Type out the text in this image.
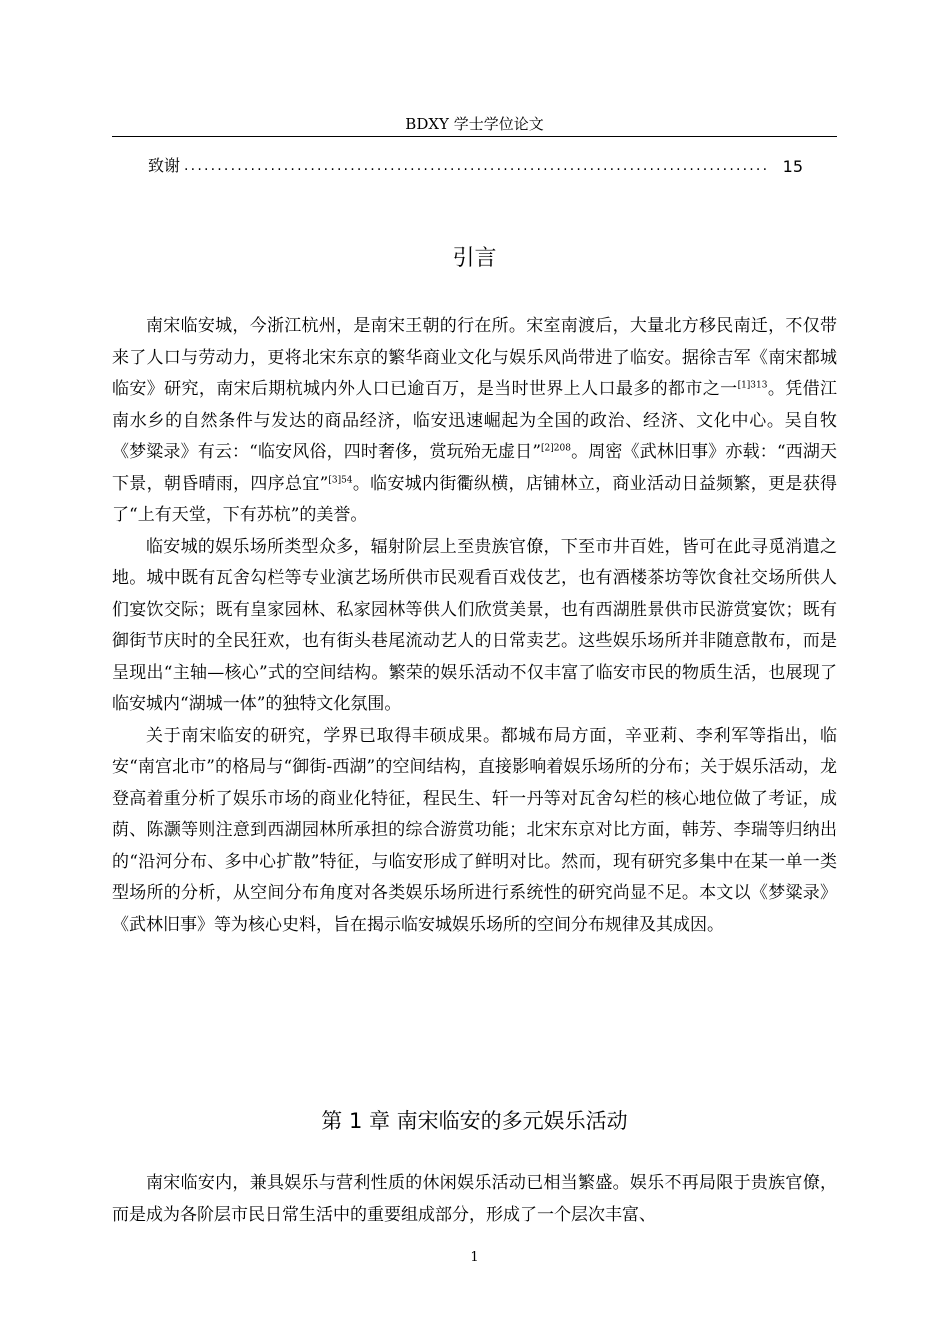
BDXY 学士学位论文
致谢 ........................................................................................ 15
引言

南宋临安城，今浙江杭州，是南宋王朝的行在所。宋室南渡后，大量北方移民南迁，不仅带来了人口与劳动力，更将北宋东京的繁华商业文化与娱乐风尚带进了临安。据徐吉军《南宋都城临安》研究，南宋后期杭城内外人口已逾百万，是当时世界上人口最多的都市之一$^{[1]313}$。凭借江南水乡的自然条件与发达的商品经济，临安迅速崛起为全国的政治、经济、文化中心。吴自牧《梦粱录》有云：“临安风俗，四时奢侈，赏玩殆无虚日”$^{[2]208}$。周密《武林旧事》亦载：“西湖天下景，朝昏晴雨，四序总宜”$^{[3]54}$。临安城内街衢纵横，店铺林立，商业活动日益频繁，更是获得了“上有天堂，下有苏杭”的美誉。

临安城的娱乐场所类型众多，辐射阶层上至贵族官僚，下至市井百姓，皆可在此寻觅消遣之地。城中既有瓦舍勾栏等专业演艺场所供市民观看百戏伎艺，也有酒楼茶坊等饮食社交场所供人们宴饮交际；既有皇家园林、私家园林等供人们欣赏美景，也有西湖胜景供市民游赏宴饮；既有御街节庆时的全民狂欢，也有街头巷尾流动艺人的日常卖艺。这些娱乐场所并非随意散布，而是呈现出“主轴—核心”式的空间结构。繁荣的娱乐活动不仅丰富了临安市民的物质生活，也展现了临安城内“湖城一体”的独特文化氛围。

关于南宋临安的研究，学界已取得丰硕成果。都城布局方面，辛亚莉、李利军等指出，临安“南宫北市”的格局与“御街-西湖”的空间结构，直接影响着娱乐场所的分布；关于娱乐活动，龙登高着重分析了娱乐市场的商业化特征，程民生、轩一丹等对瓦舍勾栏的核心地位做了考证，成荫、陈灏等则注意到西湖园林所承担的综合游赏功能；北宋东京对比方面，韩芳、李瑞等归纳出的“沿河分布、多中心扩散”特征，与临安形成了鲜明对比。然而，现有研究多集中在某一单一类型场所的分析，从空间分布角度对各类娱乐场所进行系统性的研究尚显不足。本文以《梦粱录》《武林旧事》等为核心史料，旨在揭示临安城娱乐场所的空间分布规律及其成因。

第 1 章 南宋临安的多元娱乐活动

南宋临安内，兼具娱乐与营利性质的休闲娱乐活动已相当繁盛。娱乐不再局限于贵族官僚，而是成为各阶层市民日常生活中的重要组成部分，形成了一个层次丰富、

1
